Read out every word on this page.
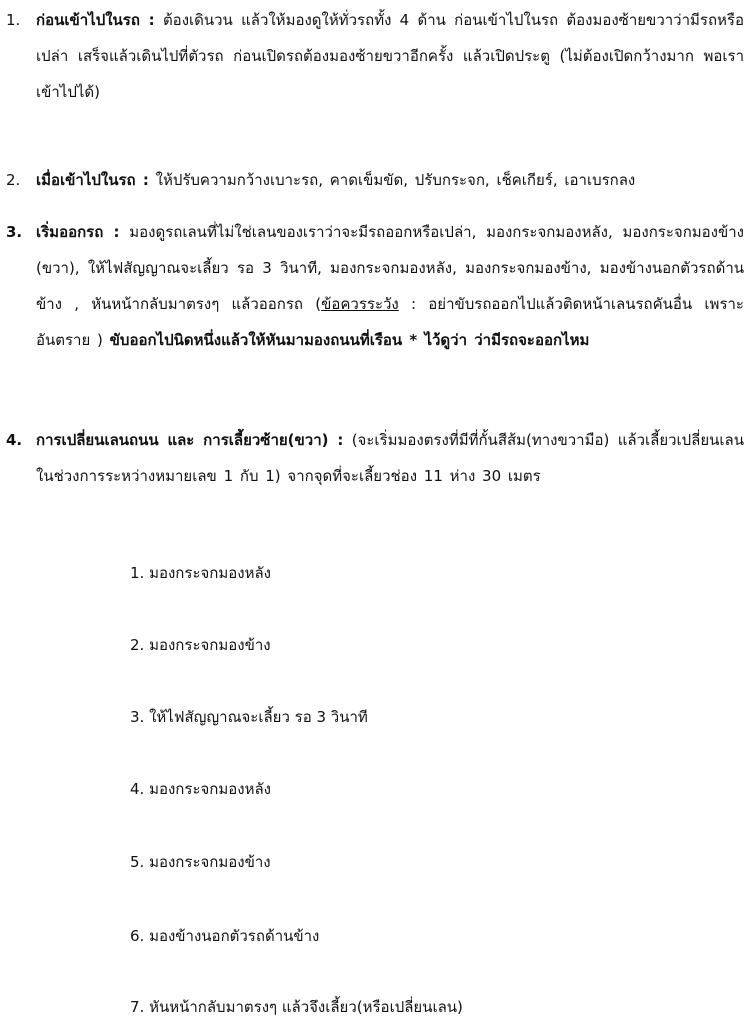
1.	ก่อนเข้าไปในรถ : ต้องเดินวน แล้วให้มองดูให้ทั่วรถทั้ง 4 ด้าน ก่อนเข้าไปในรถ ต้องมองซ้ายขวาว่ามีรถหรือเปล่า เสร็จแล้วเดินไปที่ตัวรถ ก่อนเปิดรถต้องมองซ้ายขวาอีกครั้ง แล้วเปิดประตู (ไม่ต้องเปิดกว้างมาก พอเราเข้าไปได้)
2.	เมื่อเข้าไปในรถ : ให้ปรับความกว้างเบาะรถ, คาดเข็มขัด, ปรับกระจก, เช็คเกียร์, เอาเบรกลง
3. เริ่มออกรถ : มองดูรถเลนที่ไม่ใช่เลนของเราว่าจะมีรถออกหรือเปล่า, มองกระจกมองหลัง, มองกระจกมองข้าง (ขวา), ให้ไฟสัญญาณจะเลี้ยว รอ 3 วินาที, มองกระจกมองหลัง, มองกระจกมองข้าง, มองข้างนอกตัวรถด้านข้าง , หันหน้ากลับมาตรงๆ แล้วออกรถ (ข้อควรระวัง : อย่าขับรถออกไปแล้วติดหน้าเลนรถคันอื่น เพราะอันตราย ) ขับออกไปนิดหนึ่งแล้วให้หันมามองถนนที่เรือน * ไว้ดูว่า ว่ามีรถจะออกไหม
4. การเปลี่ยนเลนถนน และ การเลี้ยวซ้าย(ขวา) : (จะเริ่มมองตรงที่มีที่กั้นสีส้ม(ทางขวามือ) แล้วเลี้ยวเปลี่ยนเลนในช่วงการระหว่างหมายเลข 1 กับ 1) จากจุดที่จะเลี้ยวช่อง 11 ห่าง 30 เมตร
1. มองกระจกมองหลัง
2. มองกระจกมองข้าง
3. ให้ไฟสัญญาณจะเลี้ยว รอ 3 วินาที
4. มองกระจกมองหลัง
5. มองกระจกมองข้าง
6. มองข้างนอกตัวรถด้านข้าง
7. หันหน้ากลับมาตรงๆ แล้วจึงเลี้ยว(หรือเปลี่ยนเลน)
